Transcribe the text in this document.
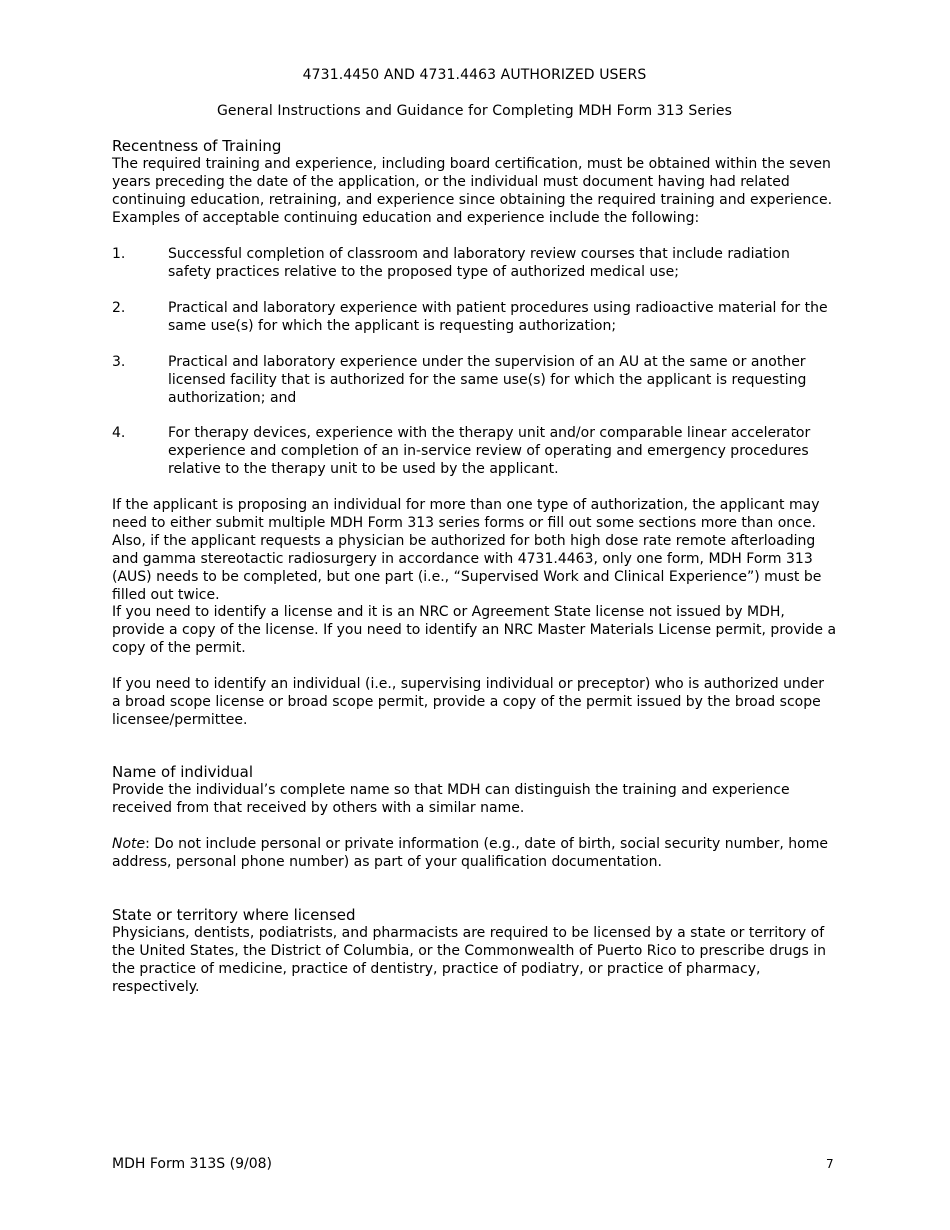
4731.4450 AND 4731.4463 AUTHORIZED USERS
General Instructions and Guidance for Completing MDH Form 313 Series
Recentness of Training

The required training and experience, including board certification, must be obtained within the seven years preceding the date of the application, or the individual must document having had related continuing education, retraining, and experience since obtaining the required training and experience. Examples of acceptable continuing education and experience include the following:

1.	Successful completion of classroom and laboratory review courses that include radiation safety practices relative to the proposed type of authorized medical use;
2.	Practical and laboratory experience with patient procedures using radioactive material for the same use(s) for which the applicant is requesting authorization;
3.	Practical and laboratory experience under the supervision of an AU at the same or another licensed facility that is authorized for the same use(s) for which the applicant is requesting authorization; and
4.	For therapy devices, experience with the therapy unit and/or comparable linear accelerator experience and completion of an in-service review of operating and emergency procedures relative to the therapy unit to be used by the applicant.

If the applicant is proposing an individual for more than one type of authorization, the applicant may need to either submit multiple MDH Form 313 series forms or fill out some sections more than once. Also, if the applicant requests a physician be authorized for both high dose rate remote afterloading and gamma stereotactic radiosurgery in accordance with 4731.4463, only one form, MDH Form 313 (AUS) needs to be completed, but one part (i.e., “Supervised Work and Clinical Experience”) must be filled out twice.

If you need to identify a license and it is an NRC or Agreement State license not issued by MDH, provide a copy of the license. If you need to identify an NRC Master Materials License permit, provide a copy of the permit.

If you need to identify an individual (i.e., supervising individual or preceptor) who is authorized under a broad scope license or broad scope permit, provide a copy of the permit issued by the broad scope licensee/permittee.

Name of individual

Provide the individual’s complete name so that MDH can distinguish the training and experience received from that received by others with a similar name.

Note: Do not include personal or private information (e.g., date of birth, social security number, home address, personal phone number) as part of your qualification documentation.

State or territory where licensed

Physicians, dentists, podiatrists, and pharmacists are required to be licensed by a state or territory of the United States, the District of Columbia, or the Commonwealth of Puerto Rico to prescribe drugs in the practice of medicine, practice of dentistry, practice of podiatry, or practice of pharmacy, respectively.

MDH Form 313S (9/08)	7
